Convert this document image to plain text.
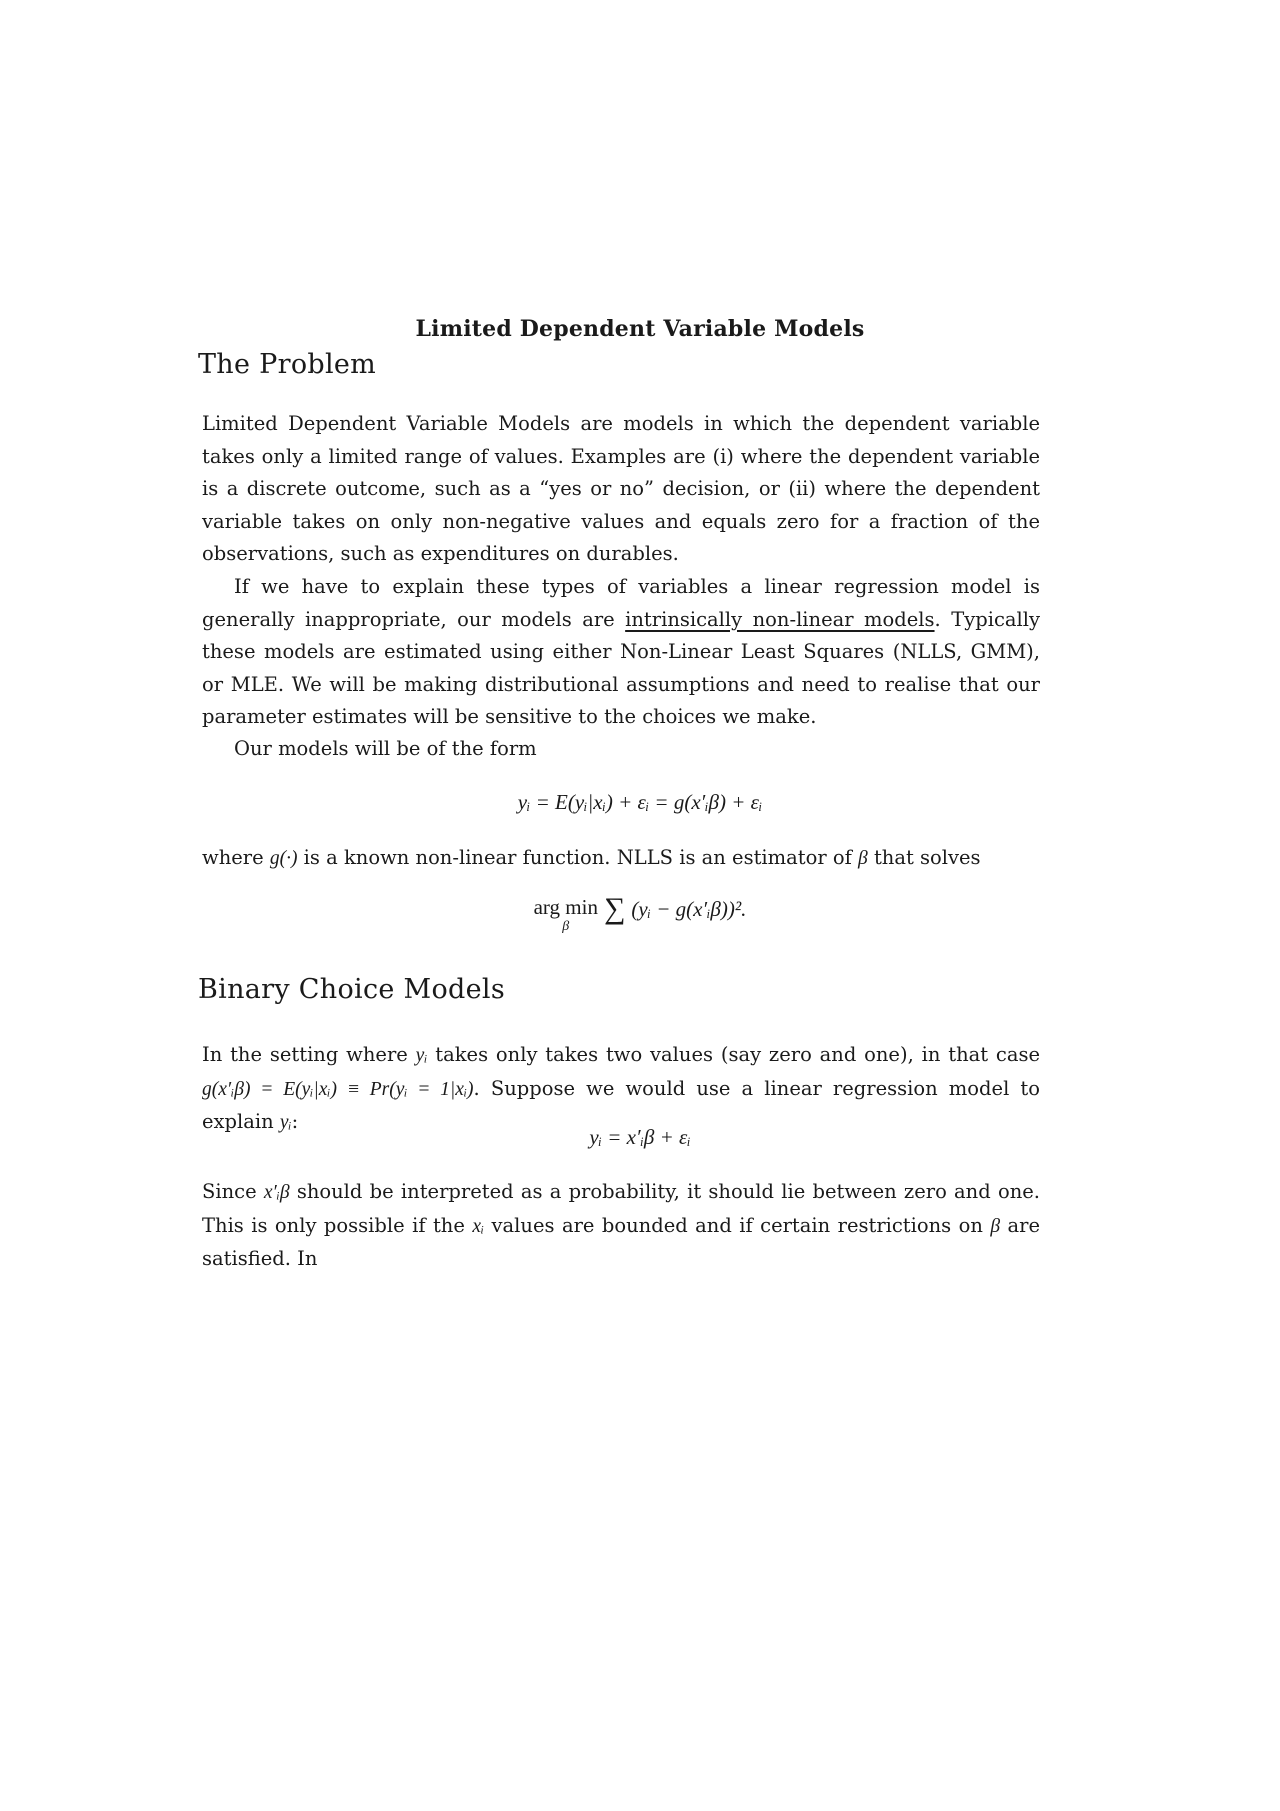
Limited Dependent Variable Models
The Problem

Limited Dependent Variable Models are models in which the dependent variable takes only a limited range of values. Examples are (i) where the dependent variable is a discrete outcome, such as a “yes or no” decision, or (ii) where the dependent variable takes on only non-negative values and equals zero for a fraction of the observations, such as expenditures on durables.

If we have to explain these types of variables a linear regression model is generally inappropriate, our models are intrinsically non-linear models. Typically these models are estimated using either Non-Linear Least Squares (NLLS, GMM), or MLE. We will be making distributional assumptions and need to realise that our parameter estimates will be sensitive to the choices we make.

Our models will be of the form

yᵢ = E(yᵢ|xᵢ) + εᵢ = g(x′ᵢβ) + εᵢ

where g(·) is a known non-linear function. NLLS is an estimator of β that solves

arg min
β
∑ (yᵢ − g(x′ᵢβ))².
Binary Choice Models

In the setting where yᵢ takes only takes two values (say zero and one), in that case g(x′ᵢβ) = E(yᵢ|xᵢ) ≡ Pr(yᵢ = 1|xᵢ). Suppose we would use a linear regression model to explain yᵢ:

yᵢ = x′ᵢβ + εᵢ

Since x′ᵢβ should be interpreted as a probability, it should lie between zero and one. This is only possible if the xᵢ values are bounded and if certain restrictions on β are satisfied. In
